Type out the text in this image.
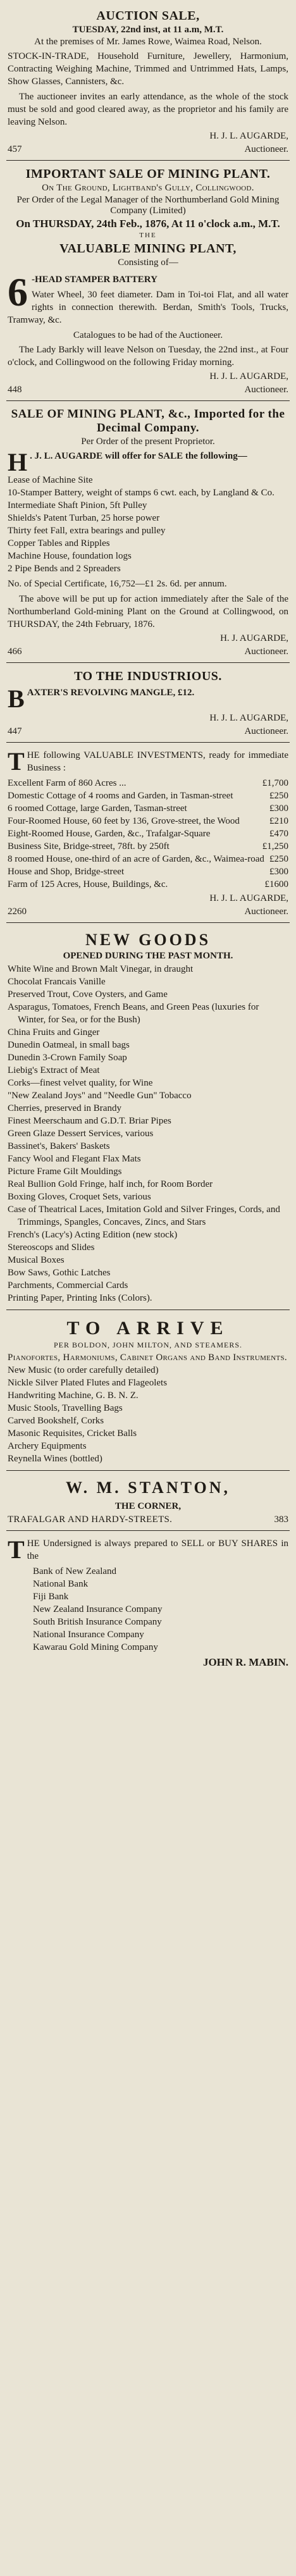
AUCTION SALE,
TUESDAY, 22nd inst, at 11 a.m, M.T.
At the premises of Mr. James Rowe, Waimea Road, Nelson.
STOCK-IN-TRADE, Household Furniture, Jewellery, Harmonium, Contracting Weighing Machine, Trimmed and Untrimmed Hats, Lamps, Show Glasses, Cannisters, &c.
The auctioneer invites an early attendance, as the whole of the stock must be sold and good cleared away, as the proprietor and his family are leaving Nelson.
H. J. L. AUGARDE,
457	Auctioneer.
IMPORTANT SALE OF MINING PLANT.
On The Ground, Lightband's Gully, Collingwood.
Per Order of the Legal Manager of the Northumberland Gold Mining Company (Limited)
On THURSDAY, 24th Feb., 1876, At 11 o'clock a.m., M.T.
THE
VALUABLE MINING PLANT,
Consisting of—
6 -HEAD STAMPER BATTERY
Water Wheel, 30 feet diameter. Dam in Toi-toi Flat, and all water rights in connection therewith. Berdan, Smith's Tools, Trucks, Tramway, &c.
Catalogues to be had of the Auctioneer.
The Lady Barkly will leave Nelson on Tuesday, the 22nd inst., at Four o'clock, and Collingwood on the following Friday morning.
H. J. L. AUGARDE,
448	Auctioneer.
SALE OF MINING PLANT, &c., Imported for the Decimal Company.
Per Order of the present Proprietor.
H . J. L. AUGARDE will offer for SALE the following—
Lease of Machine Site
10-Stamper Battery, weight of stamps 6 cwt. each, by Langland & Co.
Intermediate Shaft Pinion, 5ft Pulley
Shields's Patent Turban, 25 horse power
Thirty feet Fall, extra bearings and pulley
Copper Tables and Ripples
Machine House, foundation logs
2 Pipe Bends and 2 Spreaders
No. of Special Certificate, 16,752—£1 2s. 6d. per annum.
The above will be put up for action immediately after the Sale of the Northumberland Gold-mining Plant on the Ground at Collingwood, on THURSDAY, the 24th February, 1876.
H. J. AUGARDE,
466	Auctioneer.
TO THE INDUSTRIOUS.
B AXTER'S REVOLVING MANGLE, £12.
H. J. L. AUGARDE,
447	Auctioneer.
T HE following VALUABLE INVESTMENTS, ready for immediate Business :
Excellent Farm of 860 Acres ...	£1,700
Domestic Cottage of 4 rooms and Garden, in Tasman-street	£250
6 roomed Cottage, large Garden, Tasman-street	£300
Four-Roomed House, 60 feet by 136, Grove-street, the Wood	£210
Eight-Roomed House, Garden, &c., Trafalgar-Square	£470
Business Site, Bridge-street, 78ft. by 250ft	£1,250
8 roomed House, one-third of an acre of Garden, &c., Waimea-road £250
House and Shop, Bridge-street	£300
Farm of 125 Acres, House, Buildings, &c.	£1600
H. J. L. AUGARDE,
2260	Auctioneer.
NEW GOODS
OPENED DURING THE PAST MONTH.
White Wine and Brown Malt Vinegar, in draught
Chocolat Francais Vanille
Preserved Trout, Cove Oysters, and Game
Asparagus, Tomatoes, French Beans, and Green Peas (luxuries for Winter, for Sea, or for the Bush)
China Fruits and Ginger
Dunedin Oatmeal, in small bags
Dunedin 3-Crown Family Soap
Liebig's Extract of Meat
Corks—finest velvet quality, for Wine
"New Zealand Joys" and "Needle Gun" Tobacco
Cherries, preserved in Brandy
Finest Meerschaum and G.D.T. Briar Pipes
Green Glaze Dessert Services, various
Bassinet's, Bakers' Baskets
Fancy Wool and Flegant Flax Mats
Picture Frame Gilt Mouldings
Real Bullion Gold Fringe, half inch, for Room Border
Boxing Gloves, Croquet Sets, various
Case of Theatrical Laces, Imitation Gold and Silver Fringes, Cords, and Trimmings, Spangles, Concaves, Zincs, and Stars
French's (Lacy's) Acting Edition (new stock)
Stereoscops and Slides
Musical Boxes
Bow Saws, Gothic Latches
Parchments, Commercial Cards
Printing Paper, Printing Inks (Colors).
TO ARRIVE
PER BOLDON, JOHN MILTON, AND STEAMERS.
Pianofortes, Harmoniums, Cabinet Organs and Band Instruments.
New Music (to order carefully detailed)
Nickle Silver Plated Flutes and Flageolets
Handwriting Machine, G. B. N. Z.
Music Stools, Travelling Bags
Carved Bookshelf, Corks
Masonic Requisites, Cricket Balls
Archery Equipments
Reynella Wines (bottled)
W. M. STANTON,
THE CORNER,
TRAFALGAR AND HARDY-STREETS.	383
T HE Undersigned is always prepared to SELL or BUY SHARES in the
Bank of New Zealand
National Bank
Fiji Bank
New Zealand Insurance Company
South British Insurance Company
National Insurance Company
Kawarau Gold Mining Company
JOHN R. MABIN.
